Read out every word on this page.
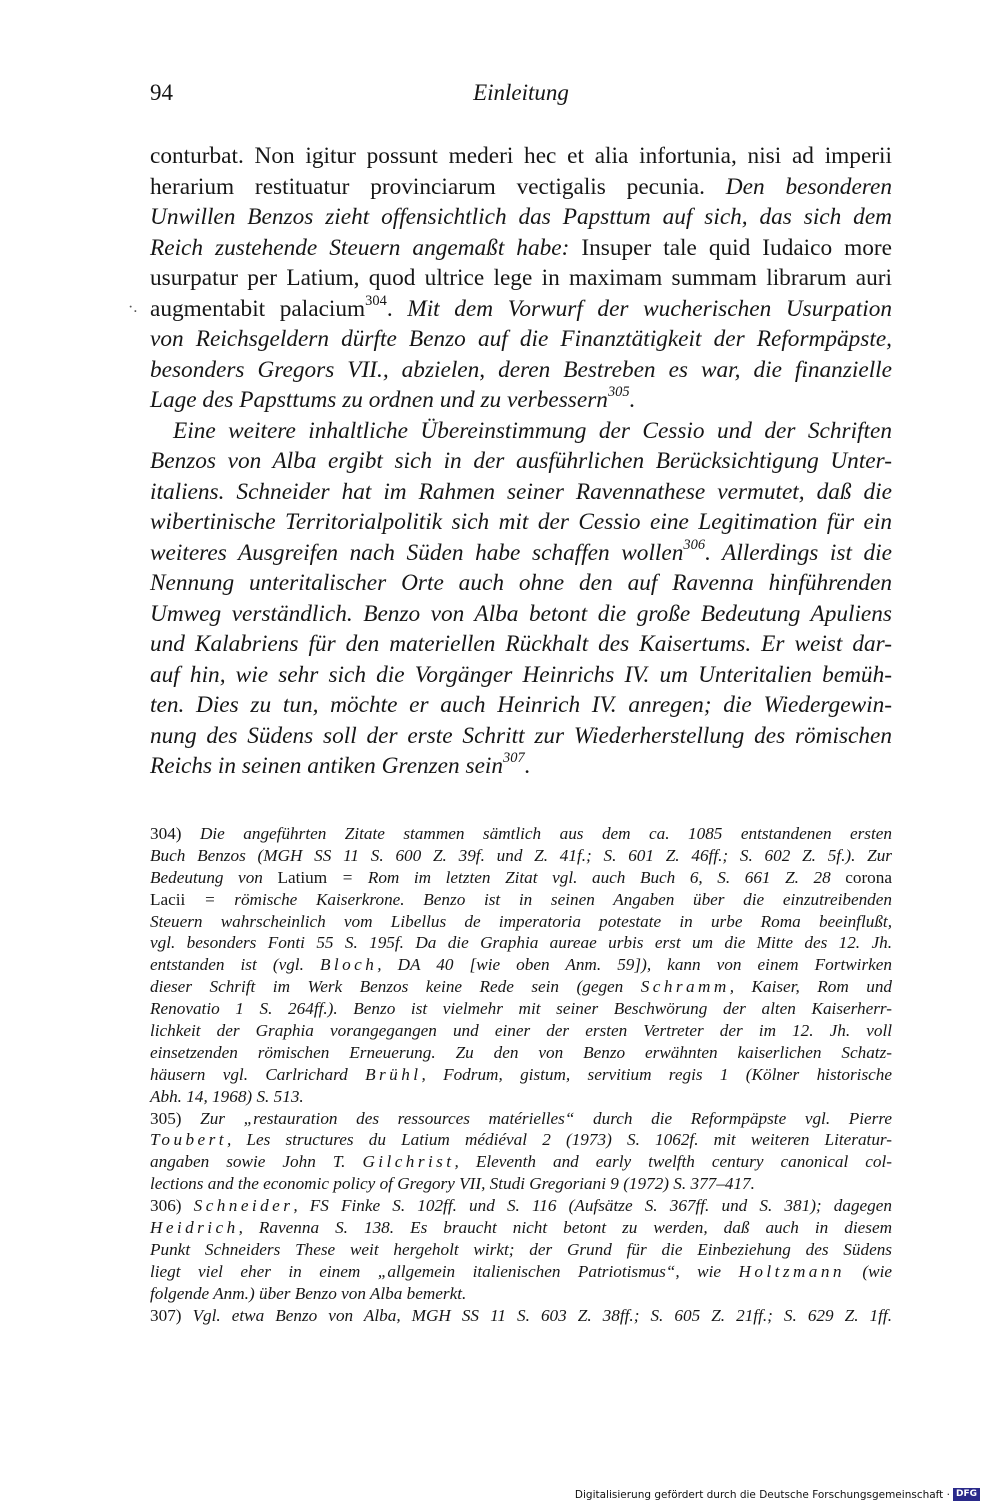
94	Einleitung
·.
conturbat. Non igitur possunt mederi hec et alia infortunia, nisi ad imperii
herarium restituatur provinciarum vectigalis pecunia. Den besonderen
Unwillen Benzos zieht offensichtlich das Papsttum auf sich, das sich dem
Reich zustehende Steuern angemaßt habe: Insuper tale quid Iudaico more
usurpatur per Latium, quod ultrice lege in maximam summam librarum auri
augmentabit palacium$^{304}$. Mit dem Vorwurf der wucherischen Usurpation
von Reichsgeldern dürfte Benzo auf die Finanztätigkeit der Reformpäpste,
besonders Gregors VII., abzielen, deren Bestreben es war, die finanzielle
Lage des Papsttums zu ordnen und zu verbessern$^{305}$.
Eine weitere inhaltliche Übereinstimmung der Cessio und der Schriften
Benzos von Alba ergibt sich in der ausführlichen Berücksichtigung Unter-
italiens. Schneider hat im Rahmen seiner Ravennathese vermutet, daß die
wibertinische Territorialpolitik sich mit der Cessio eine Legitimation für ein
weiteres Ausgreifen nach Süden habe schaffen wollen$^{306}$. Allerdings ist die
Nennung unteritalischer Orte auch ohne den auf Ravenna hinführenden
Umweg verständlich. Benzo von Alba betont die große Bedeutung Apuliens
und Kalabriens für den materiellen Rückhalt des Kaisertums. Er weist dar-
auf hin, wie sehr sich die Vorgänger Heinrichs IV. um Unteritalien bemüh-
ten. Dies zu tun, möchte er auch Heinrich IV. anregen; die Wiedergewin-
nung des Südens soll der erste Schritt zur Wiederherstellung des römischen
Reichs in seinen antiken Grenzen sein$^{307}$.
304) Die angeführten Zitate stammen sämtlich aus dem ca. 1085 entstandenen ersten
Buch Benzos (MGH SS 11 S. 600 Z. 39f. und Z. 41f.; S. 601 Z. 46ff.; S. 602 Z. 5f.). Zur
Bedeutung von Latium = Rom im letzten Zitat vgl. auch Buch 6, S. 661 Z. 28 corona
Lacii = römische Kaiserkrone. Benzo ist in seinen Angaben über die einzutreibenden
Steuern wahrscheinlich vom Libellus de imperatoria potestate in urbe Roma beeinflußt,
vgl. besonders Fonti 55 S. 195f. Da die Graphia aureae urbis erst um die Mitte des 12. Jh.
entstanden ist (vgl. Bloch, DA 40 [wie oben Anm. 59]), kann von einem Fortwirken
dieser Schrift im Werk Benzos keine Rede sein (gegen Schramm, Kaiser, Rom und
Renovatio 1 S. 264ff.). Benzo ist vielmehr mit seiner Beschwörung der alten Kaiserherr-
lichkeit der Graphia vorangegangen und einer der ersten Vertreter der im 12. Jh. voll
einsetzenden römischen Erneuerung. Zu den von Benzo erwähnten kaiserlichen Schatz-
häusern vgl. Carlrichard Brühl, Fodrum, gistum, servitium regis 1 (Kölner historische
Abh. 14, 1968) S. 513.
305) Zur „restauration des ressources matérielles“ durch die Reformpäpste vgl. Pierre
Toubert, Les structures du Latium médiéval 2 (1973) S. 1062f. mit weiteren Literatur-
angaben sowie John T. Gilchrist, Eleventh and early twelfth century canonical col-
lections and the economic policy of Gregory VII, Studi Gregoriani 9 (1972) S. 377–417.
306) Schneider, FS Finke S. 102ff. und S. 116 (Aufsätze S. 367ff. und S. 381); dagegen
Heidrich, Ravenna S. 138. Es braucht nicht betont zu werden, daß auch in diesem
Punkt Schneiders These weit hergeholt wirkt; der Grund für die Einbeziehung des Südens
liegt viel eher in einem „allgemein italienischen Patriotismus“, wie Holtzmann (wie
folgende Anm.) über Benzo von Alba bemerkt.
307) Vgl. etwa Benzo von Alba, MGH SS 11 S. 603 Z. 38ff.; S. 605 Z. 21ff.; S. 629 Z. 1ff.
Digitalisierung gefördert durch die Deutsche Forschungsgemeinschaft · DFG
